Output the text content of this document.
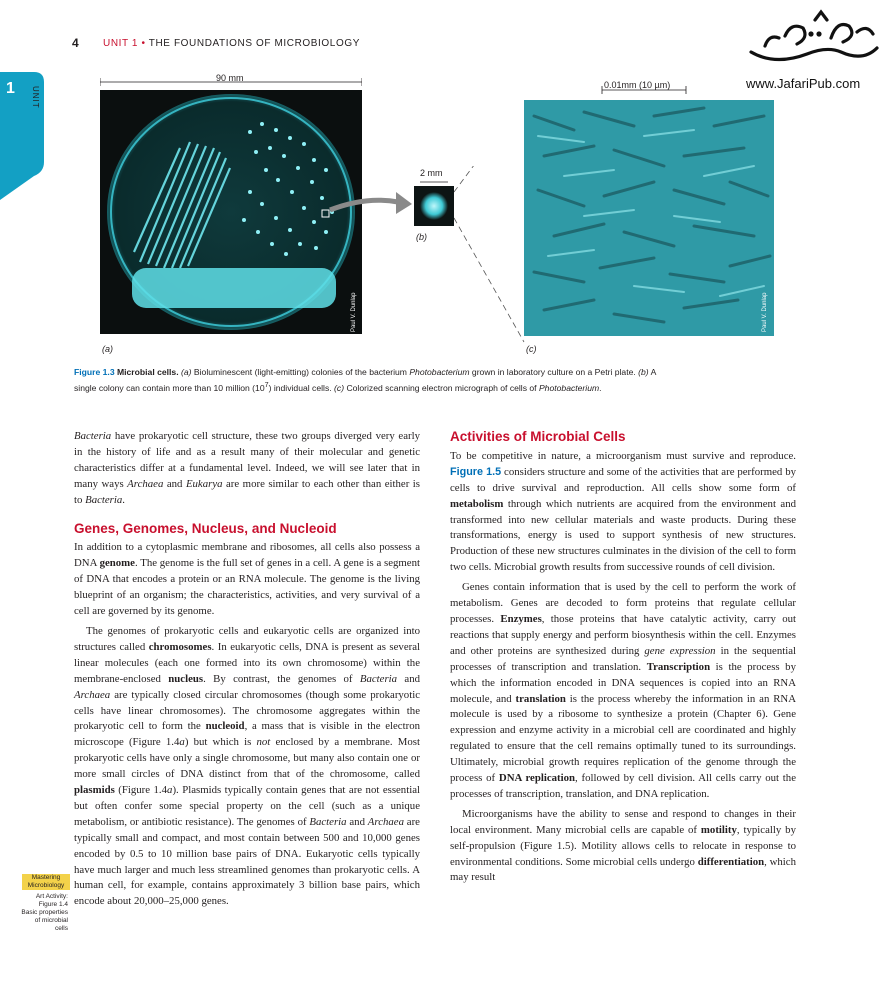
4 UNIT 1 • THE FOUNDATIONS OF MICROBIOLOGY
1 UNIT
www.JafariPub.com
90 mm
Paul V. Dunlap
(a)
2 mm
(b)
0.01mm (10 µm)
Paul V. Dunlap
(c)
Figure 1.3 Microbial cells. (a) Bioluminescent (light-emitting) colonies of the bacterium Photobacterium grown in laboratory culture on a Petri plate. (b) A single colony can contain more than 10 million $(10^7)$ individual cells. (c) Colorized scanning electron micrograph of cells of Photobacterium.

Bacteria have prokaryotic cell structure, these two groups diverged very early in the history of life and as a result many of their molecular and genetic characteristics differ at a fundamental level. Indeed, we will see later that in many ways Archaea and Eukarya are more similar to each other than either is to Bacteria.

Genes, Genomes, Nucleus, and Nucleoid

In addition to a cytoplasmic membrane and ribosomes, all cells also possess a DNA genome. The genome is the full set of genes in a cell. A gene is a segment of DNA that encodes a protein or an RNA molecule. The genome is the living blueprint of an organism; the characteristics, activities, and very survival of a cell are governed by its genome.

The genomes of prokaryotic cells and eukaryotic cells are organized into structures called chromosomes. In eukaryotic cells, DNA is present as several linear molecules (each one formed into its own chromosome) within the membrane-enclosed nucleus. By contrast, the genomes of Bacteria and Archaea are typically closed circular chromosomes (though some prokaryotic cells have linear chromosomes). The chromosome aggregates within the prokaryotic cell to form the nucleoid, a mass that is visible in the electron microscope (Figure 1.4a) but which is not enclosed by a membrane. Most prokaryotic cells have only a single chromosome, but many also contain one or more small circles of DNA distinct from that of the chromosome, called plasmids (Figure 1.4a). Plasmids typically contain genes that are not essential but often confer some special property on the cell (such as a unique metabolism, or antibiotic resistance). The genomes of Bacteria and Archaea are typically small and compact, and most contain between 500 and 10,000 genes encoded by 0.5 to 10 million base pairs of DNA. Eukaryotic cells typically have much larger and much less streamlined genomes than prokaryotic cells. A human cell, for example, contains approximately 3 billion base pairs, which encode about 20,000–25,000 genes.

Activities of Microbial Cells

To be competitive in nature, a microorganism must survive and reproduce. Figure 1.5 considers structure and some of the activities that are performed by cells to drive survival and reproduction. All cells show some form of metabolism through which nutrients are acquired from the environment and transformed into new cellular materials and waste products. During these transformations, energy is used to support synthesis of new structures. Production of these new structures culminates in the division of the cell to form two cells. Microbial growth results from successive rounds of cell division.

Genes contain information that is used by the cell to perform the work of metabolism. Genes are decoded to form proteins that regulate cellular processes. Enzymes, those proteins that have catalytic activity, carry out reactions that supply energy and perform biosynthesis within the cell. Enzymes and other proteins are synthesized during gene expression in the sequential processes of transcription and translation. Transcription is the process by which the information encoded in DNA sequences is copied into an RNA molecule, and translation is the process whereby the information in an RNA molecule is used by a ribosome to synthesize a protein (Chapter 6). Gene expression and enzyme activity in a microbial cell are coordinated and highly regulated to ensure that the cell remains optimally tuned to its surroundings. Ultimately, microbial growth requires replication of the genome through the process of DNA replication, followed by cell division. All cells carry out the processes of transcription, translation, and DNA replication.

Microorganisms have the ability to sense and respond to changes in their local environment. Many microbial cells are capable of motility, typically by self-propulsion (Figure 1.5). Motility allows cells to relocate in response to environmental conditions. Some microbial cells undergo differentiation, which may result

Mastering
Microbiology
Art Activity:
Figure 1.4
Basic properties
of microbial
cells
